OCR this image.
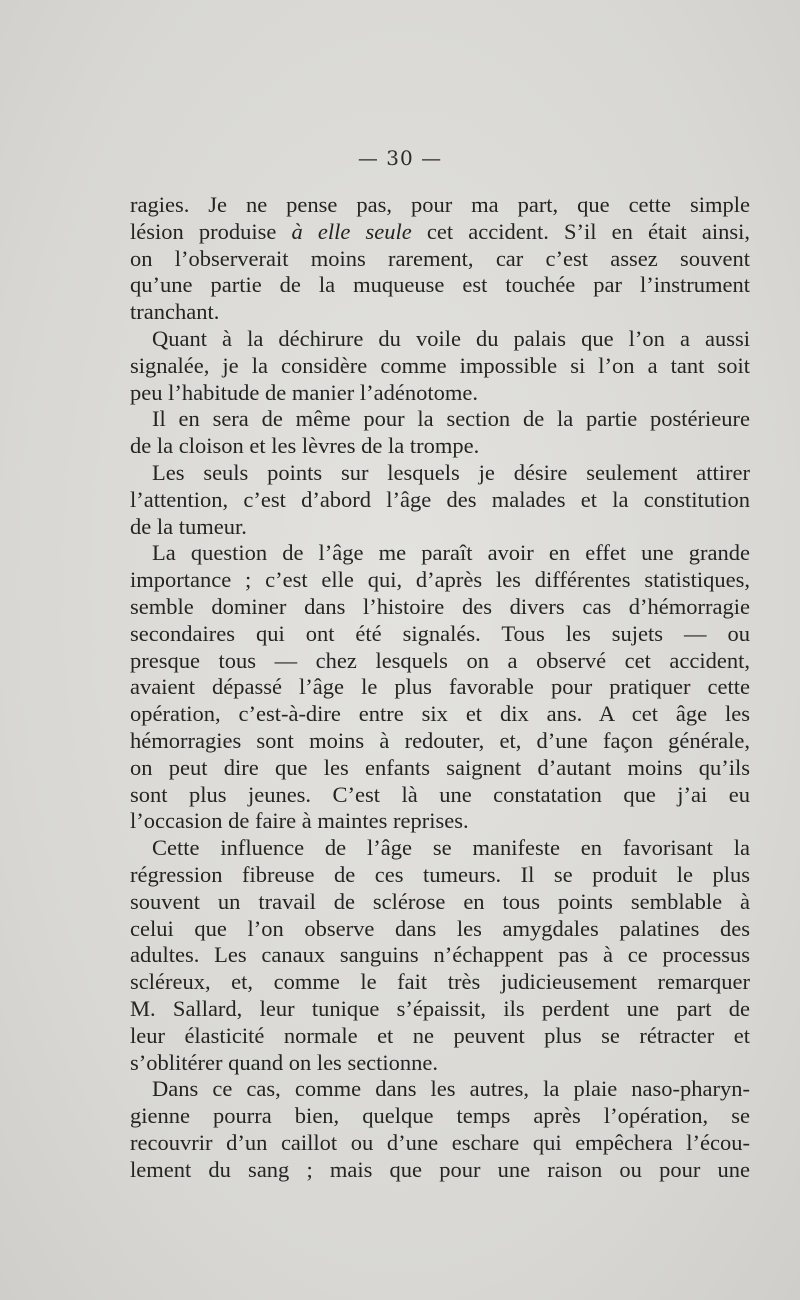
— 30 —
ragies. Je ne pense pas, pour ma part, que cette simple
lésion produise à elle seule cet accident. S’il en était ainsi,
on l’observerait moins rarement, car c’est assez souvent
qu’une partie de la muqueuse est touchée par l’instrument
tranchant.
Quant à la déchirure du voile du palais que l’on a aussi
signalée, je la considère comme impossible si l’on a tant soit
peu l’habitude de manier l’adénotome.
Il en sera de même pour la section de la partie postérieure
de la cloison et les lèvres de la trompe.
Les seuls points sur lesquels je désire seulement attirer
l’attention, c’est d’abord l’âge des malades et la constitution
de la tumeur.
La question de l’âge me paraît avoir en effet une grande
importance ; c’est elle qui, d’après les différentes statistiques,
semble dominer dans l’histoire des divers cas d’hémorragie
secondaires qui ont été signalés. Tous les sujets — ou
presque tous — chez lesquels on a observé cet accident,
avaient dépassé l’âge le plus favorable pour pratiquer cette
opération, c’est-à-dire entre six et dix ans. A cet âge les
hémorragies sont moins à redouter, et, d’une façon générale,
on peut dire que les enfants saignent d’autant moins qu’ils
sont plus jeunes. C’est là une constatation que j’ai eu
l’occasion de faire à maintes reprises.
Cette influence de l’âge se manifeste en favorisant la
régression fibreuse de ces tumeurs. Il se produit le plus
souvent un travail de sclérose en tous points semblable à
celui que l’on observe dans les amygdales palatines des
adultes. Les canaux sanguins n’échappent pas à ce processus
scléreux, et, comme le fait très judicieusement remarquer
M. Sallard, leur tunique s’épaissit, ils perdent une part de
leur élasticité normale et ne peuvent plus se rétracter et
s’oblitérer quand on les sectionne.
Dans ce cas, comme dans les autres, la plaie naso-pharyn-
gienne pourra bien, quelque temps après l’opération, se
recouvrir d’un caillot ou d’une eschare qui empêchera l’écou-
lement du sang ; mais que pour une raison ou pour une
